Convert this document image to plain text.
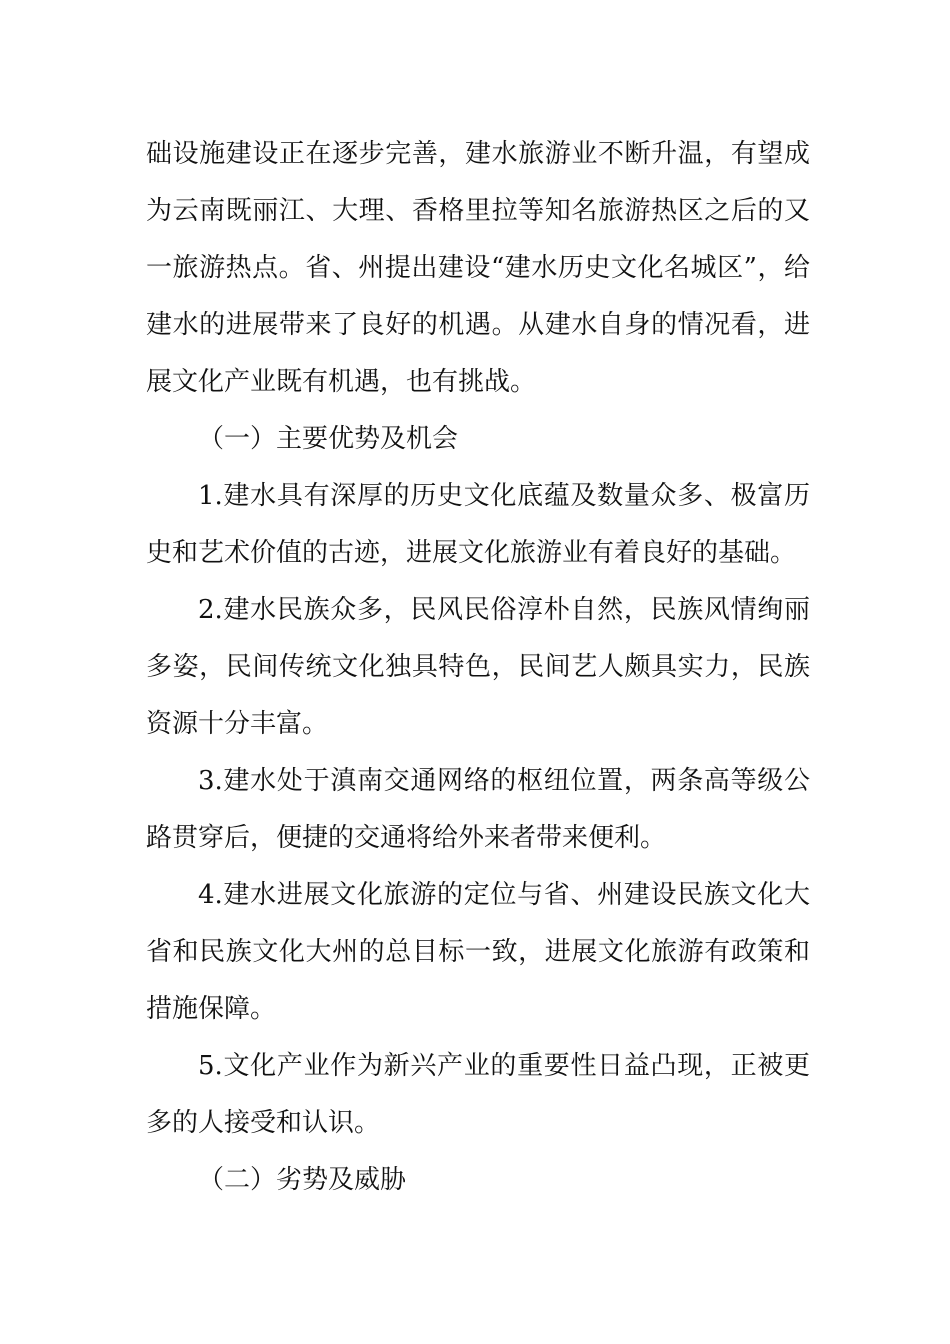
础设施建设正在逐步完善，建水旅游业不断升温，有望成为云南既丽江、大理、香格里拉等知名旅游热区之后的又一旅游热点。省、州提出建设“建水历史文化名城区”，给建水的进展带来了良好的机遇。从建水自身的情况看，进展文化产业既有机遇，也有挑战。

（一）主要优势及机会

1.建水具有深厚的历史文化底蕴及数量众多、极富历史和艺术价值的古迹，进展文化旅游业有着良好的基础。

2.建水民族众多，民风民俗淳朴自然，民族风情绚丽多姿，民间传统文化独具特色，民间艺人颇具实力，民族资源十分丰富。

3.建水处于滇南交通网络的枢纽位置，两条高等级公路贯穿后，便捷的交通将给外来者带来便利。

4.建水进展文化旅游的定位与省、州建设民族文化大省和民族文化大州的总目标一致，进展文化旅游有政策和措施保障。

5.文化产业作为新兴产业的重要性日益凸现，正被更多的人接受和认识。

（二）劣势及威胁
